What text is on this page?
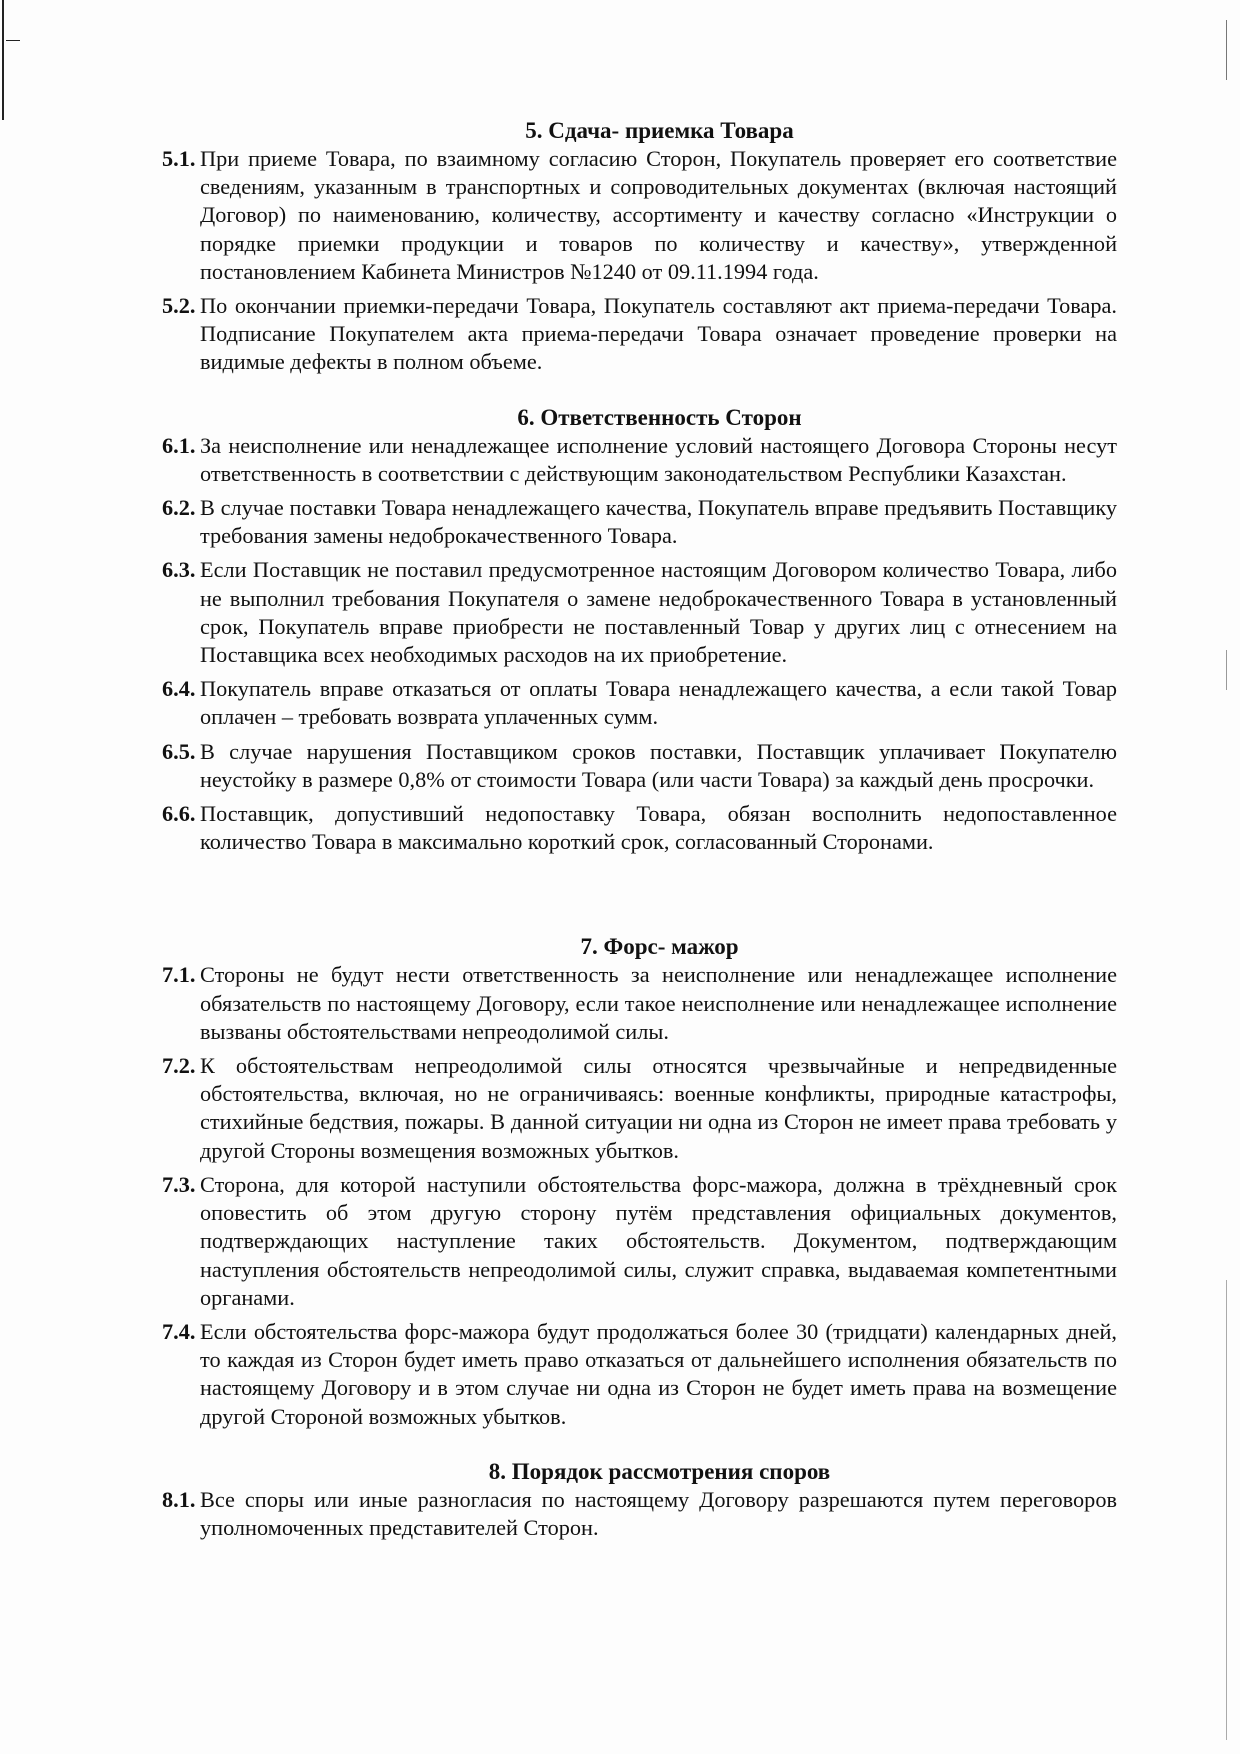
5. Сдача- приемка Товара
5.1. При приеме Товара, по взаимному согласию Сторон, Покупатель проверяет его соответствие сведениям, указанным в транспортных и сопроводительных документах (включая настоящий Договор) по наименованию, количеству, ассортименту и качеству согласно «Инструкции о порядке приемки продукции и товаров по количеству и качеству», утвержденной постановлением Кабинета Министров №1240 от 09.11.1994 года.
5.2. По окончании приемки-передачи Товара, Покупатель составляют акт приема-передачи Товара. Подписание Покупателем акта приема-передачи Товара означает проведение проверки на видимые дефекты в полном объеме.
6. Ответственность Сторон
6.1. За неисполнение или ненадлежащее исполнение условий настоящего Договора Стороны несут ответственность в соответствии с действующим законодательством Республики Казахстан.
6.2. В случае поставки Товара ненадлежащего качества, Покупатель вправе предъявить Поставщику требования замены недоброкачественного Товара.
6.3. Если Поставщик не поставил предусмотренное настоящим Договором количество Товара, либо не выполнил требования Покупателя о замене недоброкачественного Товара в установленный срок, Покупатель вправе приобрести не поставленный Товар у других лиц с отнесением на Поставщика всех необходимых расходов на их приобретение.
6.4. Покупатель вправе отказаться от оплаты Товара ненадлежащего качества, а если такой Товар оплачен – требовать возврата уплаченных сумм.
6.5. В случае нарушения Поставщиком сроков поставки, Поставщик уплачивает Покупателю неустойку в размере 0,8% от стоимости Товара (или части Товара) за каждый день просрочки.
6.6. Поставщик, допустивший недопоставку Товара, обязан восполнить недопоставленное количество Товара в максимально короткий срок, согласованный Сторонами.
7. Форс- мажор
7.1. Стороны не будут нести ответственность за неисполнение или ненадлежащее исполнение обязательств по настоящему Договору, если такое неисполнение или ненадлежащее исполнение вызваны обстоятельствами непреодолимой силы.
7.2. К обстоятельствам непреодолимой силы относятся чрезвычайные и непредвиденные обстоятельства, включая, но не ограничиваясь: военные конфликты, природные катастрофы, стихийные бедствия, пожары. В данной ситуации ни одна из Сторон не имеет права требовать у другой Стороны возмещения возможных убытков.
7.3. Сторона, для которой наступили обстоятельства форс-мажора, должна в трёхдневный срок оповестить об этом другую сторону путём представления официальных документов, подтверждающих наступление таких обстоятельств. Документом, подтверждающим наступления обстоятельств непреодолимой силы, служит справка, выдаваемая компетентными органами.
7.4. Если обстоятельства форс-мажора будут продолжаться более 30 (тридцати) календарных дней, то каждая из Сторон будет иметь право отказаться от дальнейшего исполнения обязательств по настоящему Договору и в этом случае ни одна из Сторон не будет иметь права на возмещение другой Стороной возможных убытков.
8. Порядок рассмотрения споров
8.1. Все споры или иные разногласия по настоящему Договору разрешаются путем переговоров уполномоченных представителей Сторон.
